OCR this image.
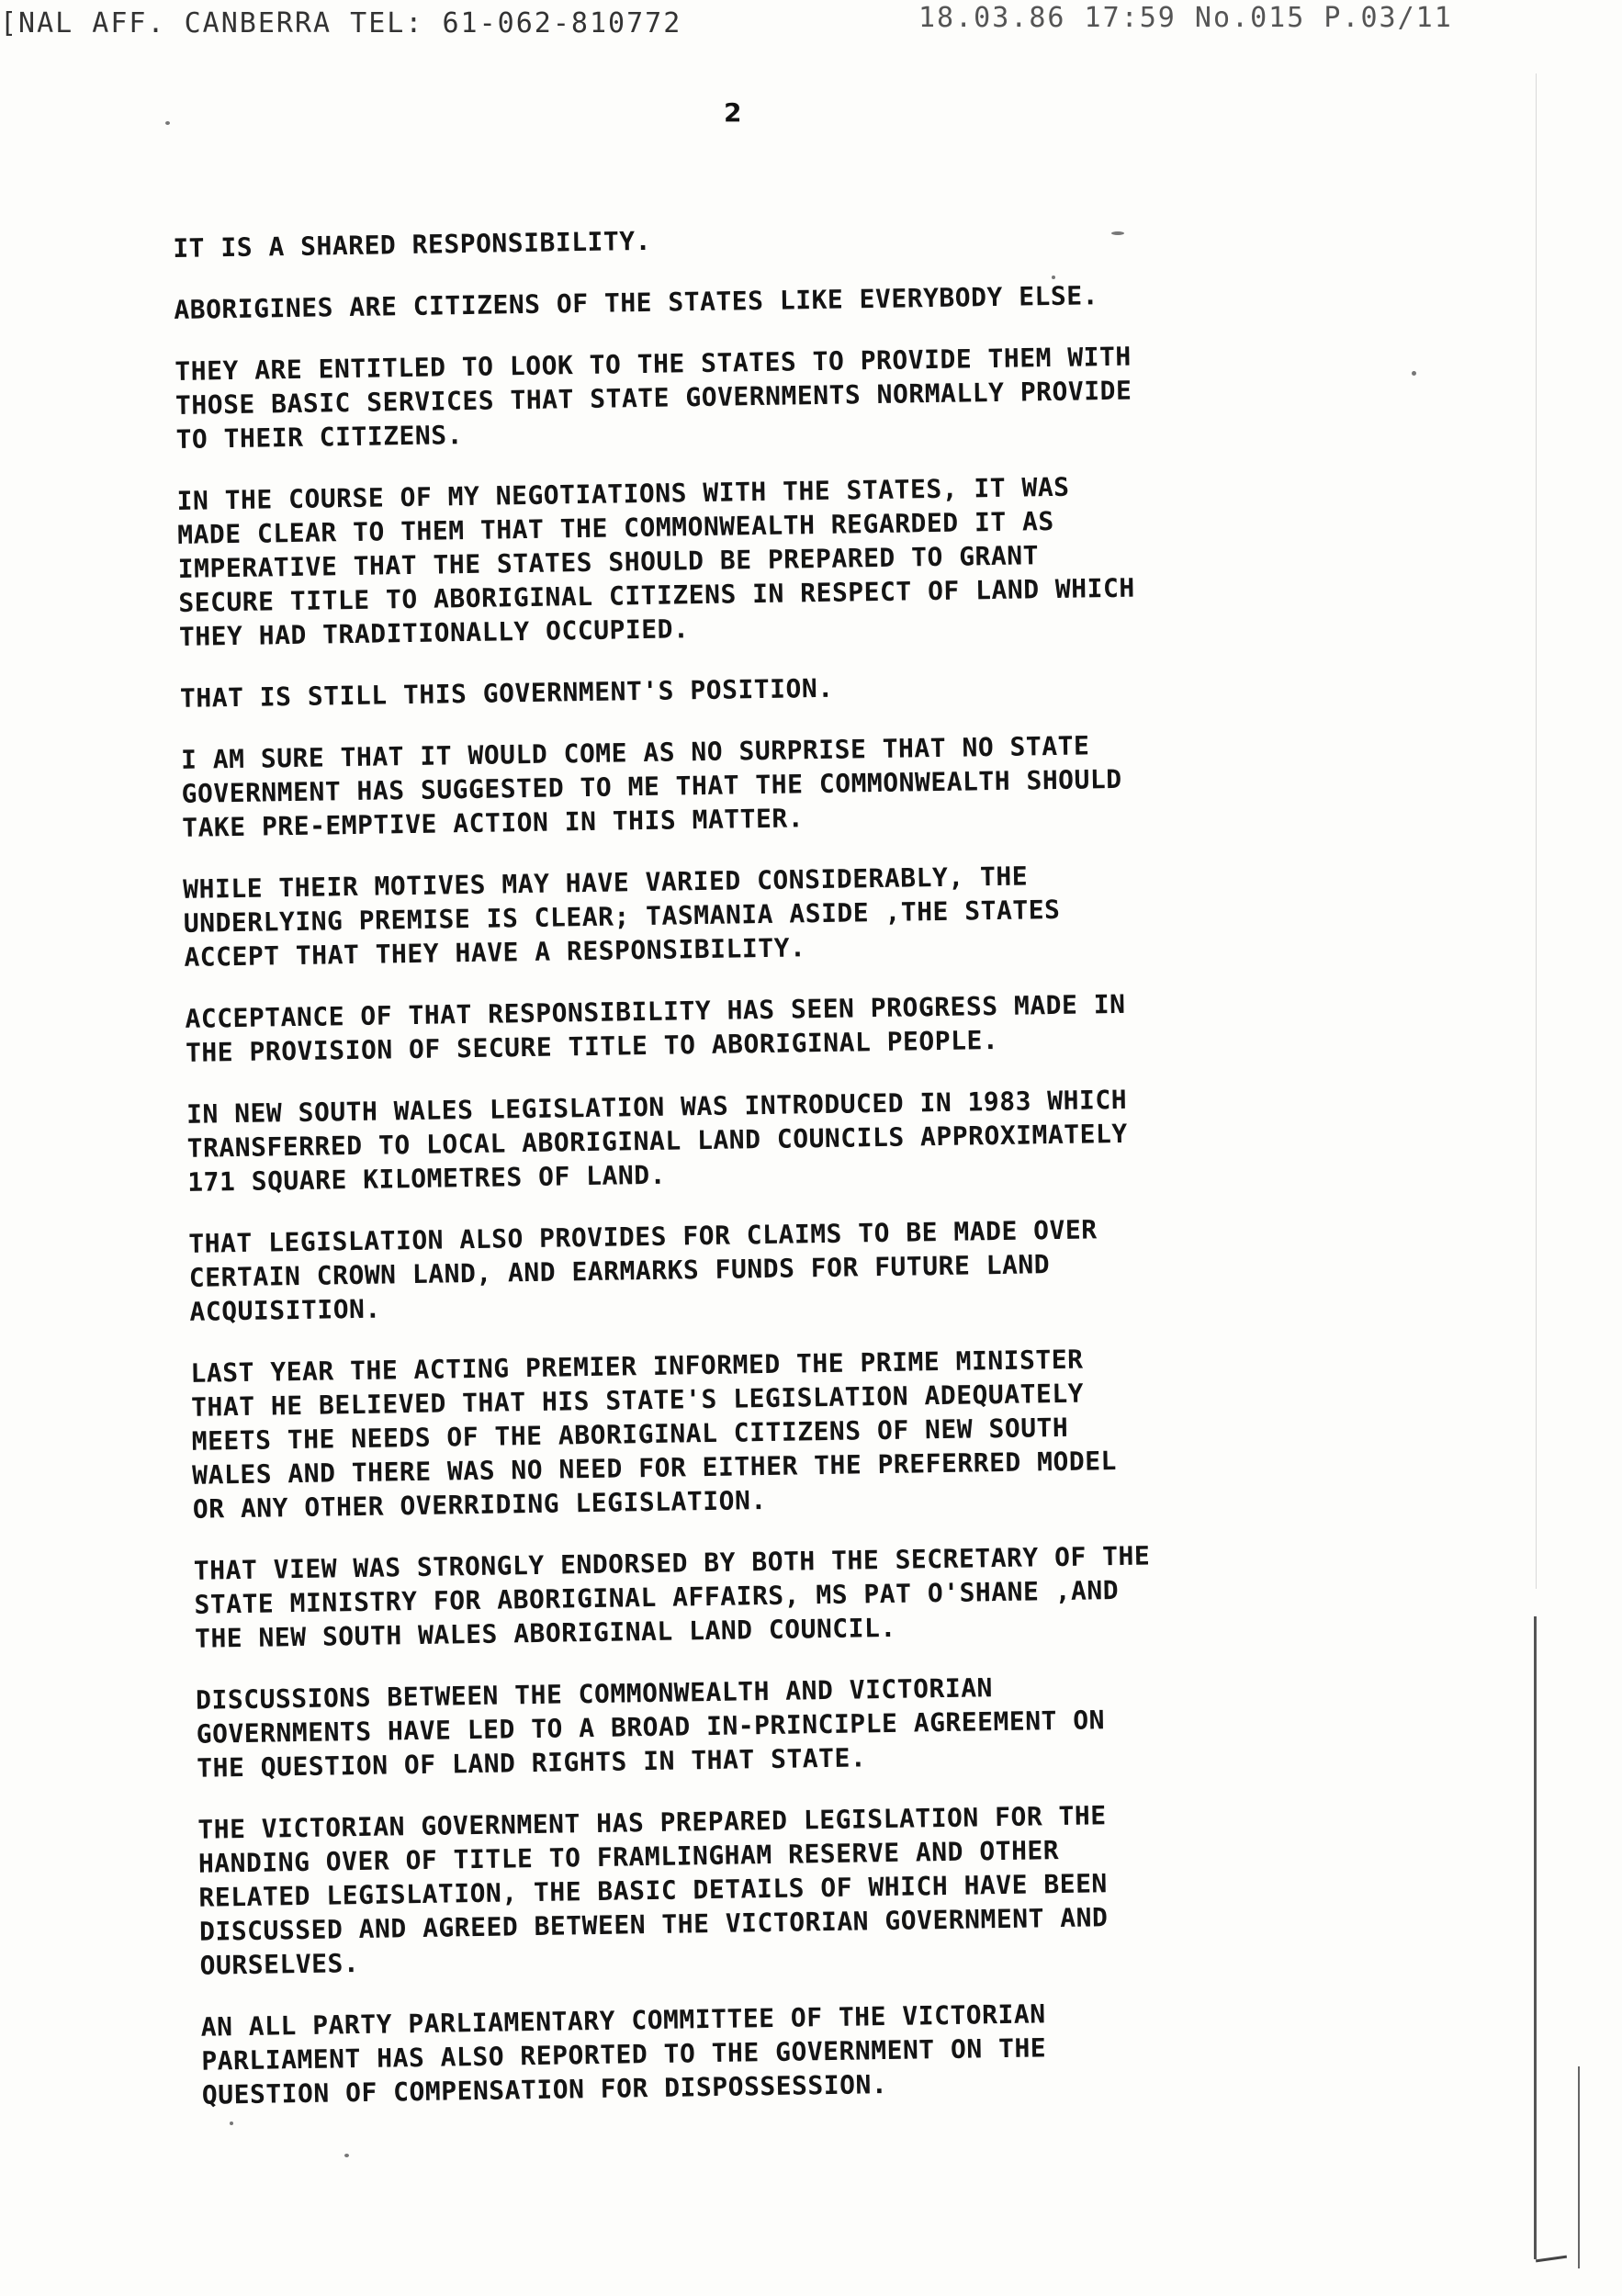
[NAL AFF. CANBERRA TEL: 61-062-810772	18.03.86 17:59 No.015 P.03/11
2

IT IS A SHARED RESPONSIBILITY.

ABORIGINES ARE CITIZENS OF THE STATES LIKE EVERYBODY ELSE.

THEY ARE ENTITLED TO LOOK TO THE STATES TO PROVIDE THEM WITH
THOSE BASIC SERVICES THAT STATE GOVERNMENTS NORMALLY PROVIDE
TO THEIR CITIZENS.

IN THE COURSE OF MY NEGOTIATIONS WITH THE STATES, IT WAS
MADE CLEAR TO THEM THAT THE COMMONWEALTH REGARDED IT AS
IMPERATIVE THAT THE STATES SHOULD BE PREPARED TO GRANT
SECURE TITLE TO ABORIGINAL CITIZENS IN RESPECT OF LAND WHICH
THEY HAD TRADITIONALLY OCCUPIED.

THAT IS STILL THIS GOVERNMENT'S POSITION.

I AM SURE THAT IT WOULD COME AS NO SURPRISE THAT NO STATE
GOVERNMENT HAS SUGGESTED TO ME THAT THE COMMONWEALTH SHOULD
TAKE PRE-EMPTIVE ACTION IN THIS MATTER.

WHILE THEIR MOTIVES MAY HAVE VARIED CONSIDERABLY, THE
UNDERLYING PREMISE IS CLEAR; TASMANIA ASIDE ,THE STATES
ACCEPT THAT THEY HAVE A RESPONSIBILITY.

ACCEPTANCE OF THAT RESPONSIBILITY HAS SEEN PROGRESS MADE IN
THE PROVISION OF SECURE TITLE TO ABORIGINAL PEOPLE.

IN NEW SOUTH WALES LEGISLATION WAS INTRODUCED IN 1983 WHICH
TRANSFERRED TO LOCAL ABORIGINAL LAND COUNCILS APPROXIMATELY
171 SQUARE KILOMETRES OF LAND.

THAT LEGISLATION ALSO PROVIDES FOR CLAIMS TO BE MADE OVER
CERTAIN CROWN LAND, AND EARMARKS FUNDS FOR FUTURE LAND
ACQUISITION.

LAST YEAR THE ACTING PREMIER INFORMED THE PRIME MINISTER
THAT HE BELIEVED THAT HIS STATE'S LEGISLATION ADEQUATELY
MEETS THE NEEDS OF THE ABORIGINAL CITIZENS OF NEW SOUTH
WALES AND THERE WAS NO NEED FOR EITHER THE PREFERRED MODEL
OR ANY OTHER OVERRIDING LEGISLATION.

THAT VIEW WAS STRONGLY ENDORSED BY BOTH THE SECRETARY OF THE
STATE MINISTRY FOR ABORIGINAL AFFAIRS, MS PAT O'SHANE ,AND
THE NEW SOUTH WALES ABORIGINAL LAND COUNCIL.

DISCUSSIONS BETWEEN THE COMMONWEALTH AND VICTORIAN
GOVERNMENTS HAVE LED TO A BROAD IN-PRINCIPLE AGREEMENT ON
THE QUESTION OF LAND RIGHTS IN THAT STATE.

THE VICTORIAN GOVERNMENT HAS PREPARED LEGISLATION FOR THE
HANDING OVER OF TITLE TO FRAMLINGHAM RESERVE AND OTHER
RELATED LEGISLATION, THE BASIC DETAILS OF WHICH HAVE BEEN
DISCUSSED AND AGREED BETWEEN THE VICTORIAN GOVERNMENT AND
OURSELVES.

AN ALL PARTY PARLIAMENTARY COMMITTEE OF THE VICTORIAN
PARLIAMENT HAS ALSO REPORTED TO THE GOVERNMENT ON THE
QUESTION OF COMPENSATION FOR DISPOSSESSION.
